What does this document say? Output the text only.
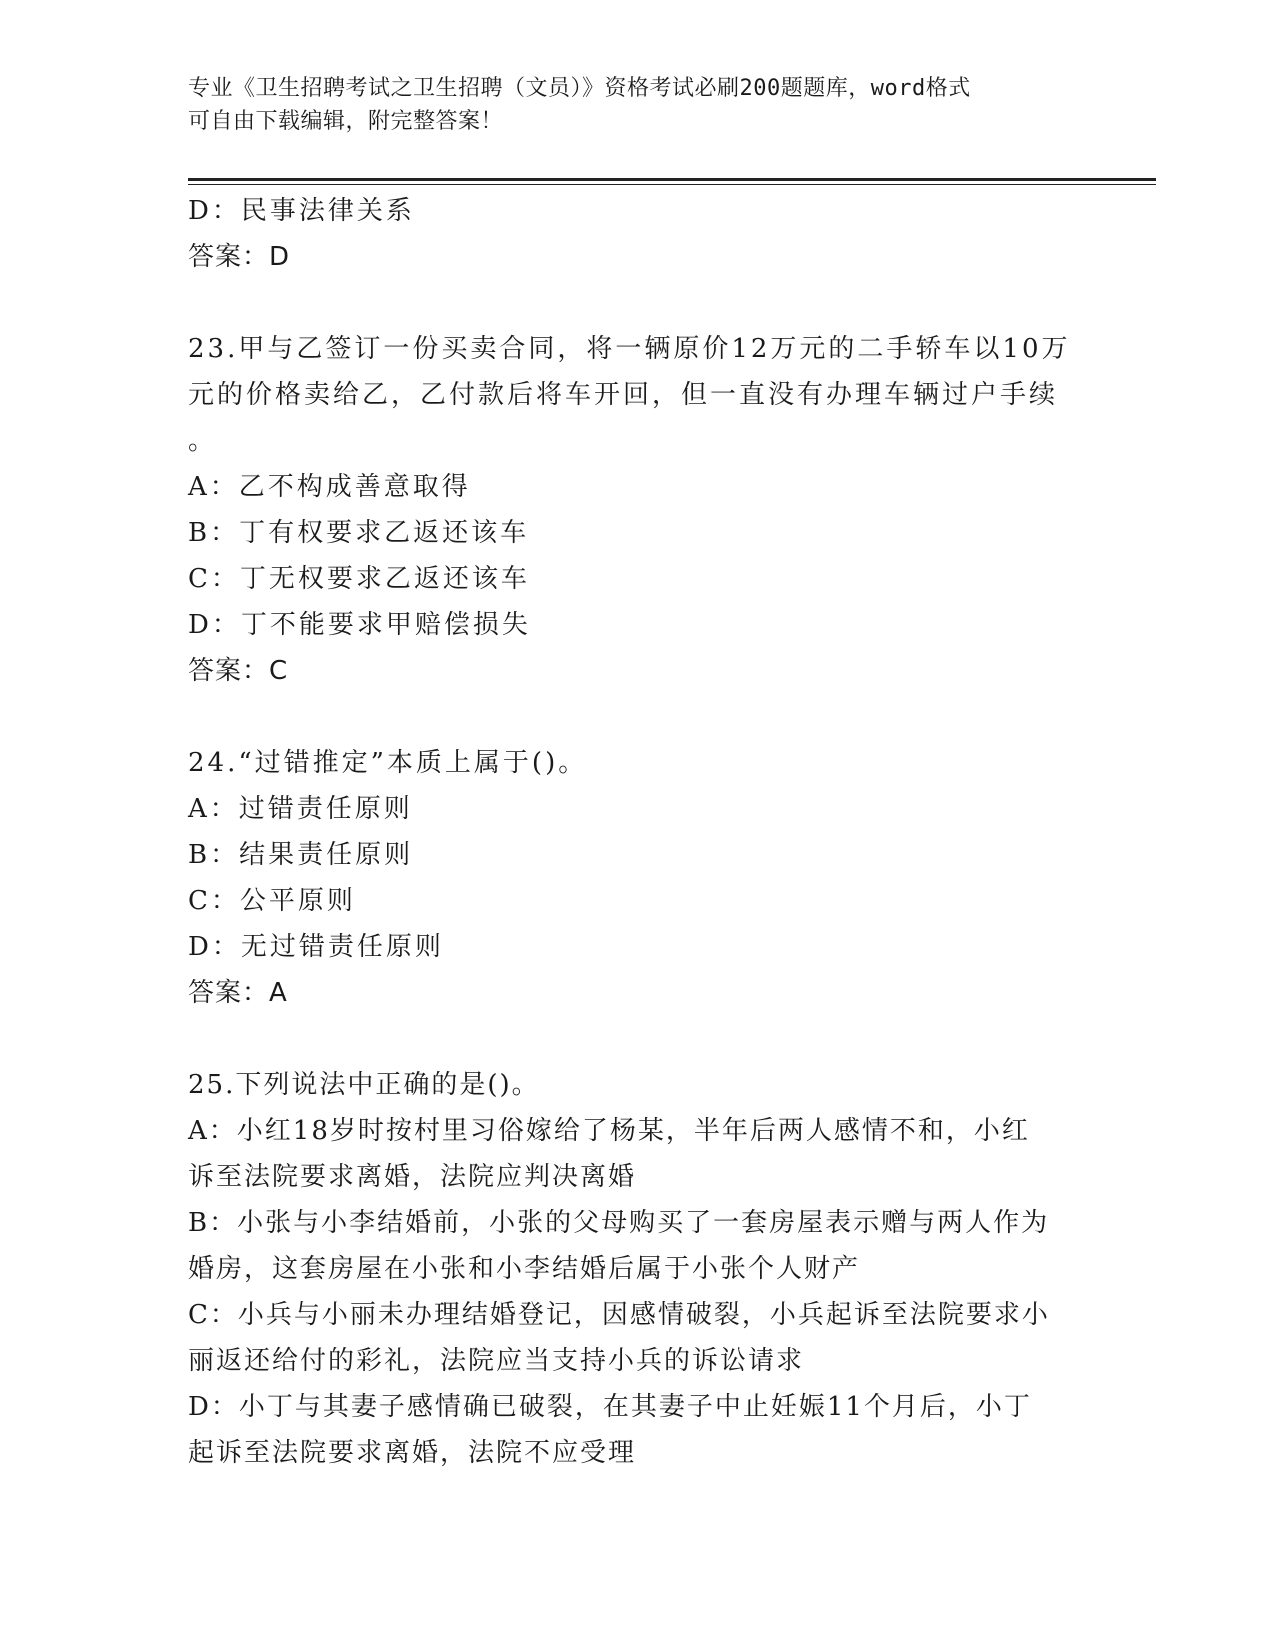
专业《卫生招聘考试之卫生招聘（文员）》资格考试必刷200题题库，word格式

可自由下载编辑，附完整答案！

D：民事法律关系

答案：D

23.甲与乙签订一份买卖合同，将一辆原价12万元的二手轿车以10万

元的价格卖给乙，乙付款后将车开回，但一直没有办理车辆过户手续

。

A：乙不构成善意取得

B：丁有权要求乙返还该车

C：丁无权要求乙返还该车

D：丁不能要求甲赔偿损失

答案：C

24.“过错推定”本质上属于()。

A：过错责任原则

B：结果责任原则

C：公平原则

D：无过错责任原则

答案：A

25.下列说法中正确的是()。

A：小红18岁时按村里习俗嫁给了杨某，半年后两人感情不和，小红

诉至法院要求离婚，法院应判决离婚

B：小张与小李结婚前，小张的父母购买了一套房屋表示赠与两人作为

婚房，这套房屋在小张和小李结婚后属于小张个人财产

C：小兵与小丽未办理结婚登记，因感情破裂，小兵起诉至法院要求小

丽返还给付的彩礼，法院应当支持小兵的诉讼请求

D：小丁与其妻子感情确已破裂，在其妻子中止妊娠11个月后，小丁

起诉至法院要求离婚，法院不应受理
